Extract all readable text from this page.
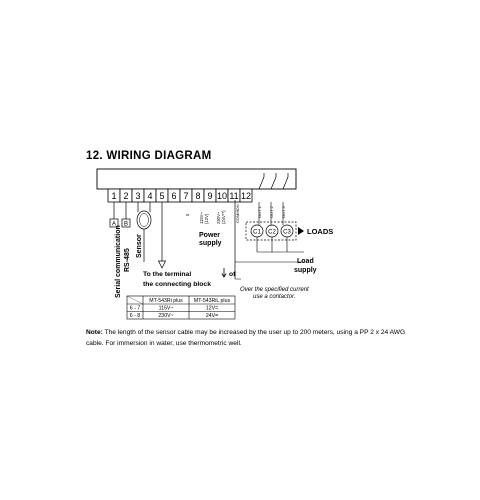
12. WIRING DIAGRAM
1 2 3 4 5 6 7 8 9 10 11 12
A B
Serial communication RS-485
Sensor
To the terminal	of
the connecting block
0 115V~ (12V) 230V~ (24V**)
Power
supply
COMMON	OUT 1 OUT 2 OUT 3
C1 C2 C3 LOADS
Load
supply
Over the specified current
use a contactor.
MT-543Ri plus MT-543RiL plus
6 - 7	115V~	12V=
6 - 8	230V~	24V=
Note: The length of the sensor cable may be increased by the user up to 200 meters, using a PP 2 x 24 AWG cable. For immersion in water, use thermometric well.
